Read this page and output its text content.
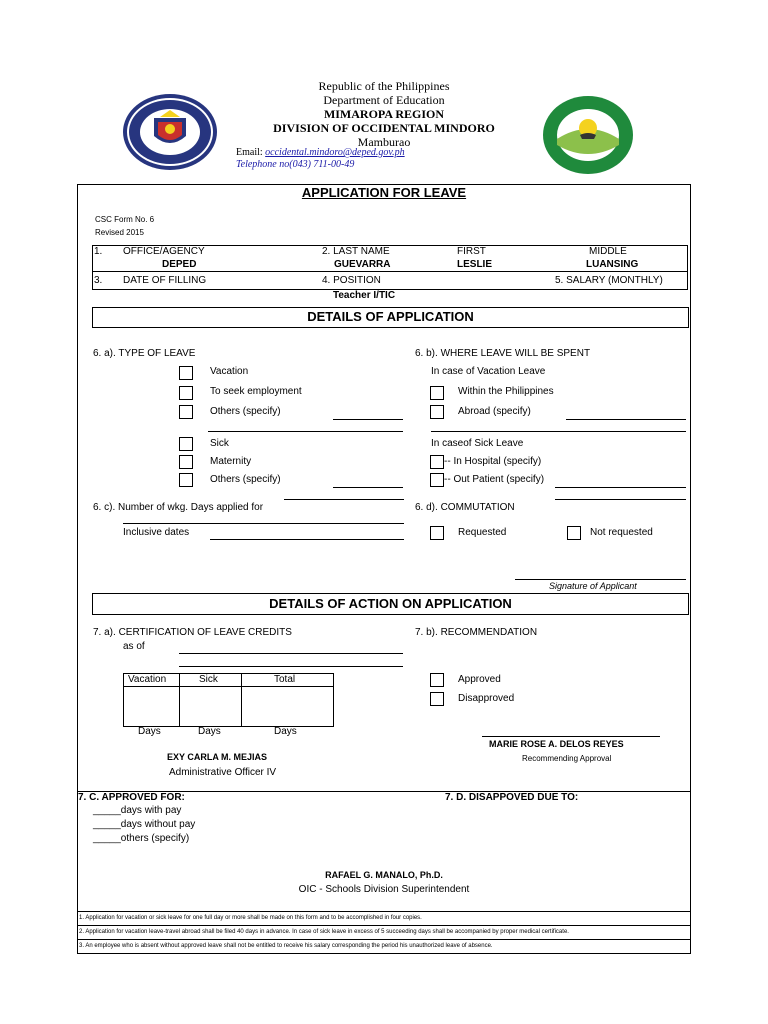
Republic of the Philippines
Department of Education
MIMAROPA REGION
DIVISION OF OCCIDENTAL MINDORO
Mamburao
Email: occidental.mindoro@deped.gov.ph
Telephone no(043) 711-00-49
APPLICATION FOR LEAVE
CSC Form No. 6
Revised 2015
1. OFFICE/AGENCY
DEPED
2. LAST NAME
GUEVARRA
FIRST
LESLIE
MIDDLE
LUANSING
3. DATE OF FILLING	4. POSITION
Teacher I/TIC
5. SALARY (MONTHLY)
DETAILS OF APPLICATION
6. a). TYPE OF LEAVE
Vacation
To seek employment
Others (specify)
Sick
Maternity
Others (specify)
6. b). WHERE LEAVE WILL BE SPENT
In case of Vacation Leave
Within the Philippines
Abroad (specify)
In caseof Sick Leave
-- In Hospital (specify)
-- Out Patient (specify)
6. c). Number of wkg. Days applied for
Inclusive dates
6. d). COMMUTATION
Requested	Not requested
Signature of Applicant
DETAILS OF ACTION ON APPLICATION
7. a). CERTIFICATION OF LEAVE CREDITS
as of
Vacation	Sick	Total
Days	Days	Days
EXY CARLA M. MEJIAS
Administrative Officer IV
7. b). RECOMMENDATION
Approved
Disapproved
MARIE ROSE A. DELOS REYES
Recommending Approval
7. C. APPROVED FOR:
_____days with pay
_____days without pay
_____others (specify)
7. D. DISAPPOVED DUE TO:
RAFAEL G. MANALO, Ph.D.
OIC - Schools Division Superintendent
1. Application for vacation or sick leave for one full day or more shall be made on this form and to be accomplished in four copies.
2. Application for vacation leave-travel abroad shall be filed 40 days in advance. In case of sick leave in excess of 5 succeeding days shall be accompanied by proper medical certificate.
3. An employee who is absent without approved leave shall not be entitled to receive his salary corresponding the period his unauthorized leave of absence.
